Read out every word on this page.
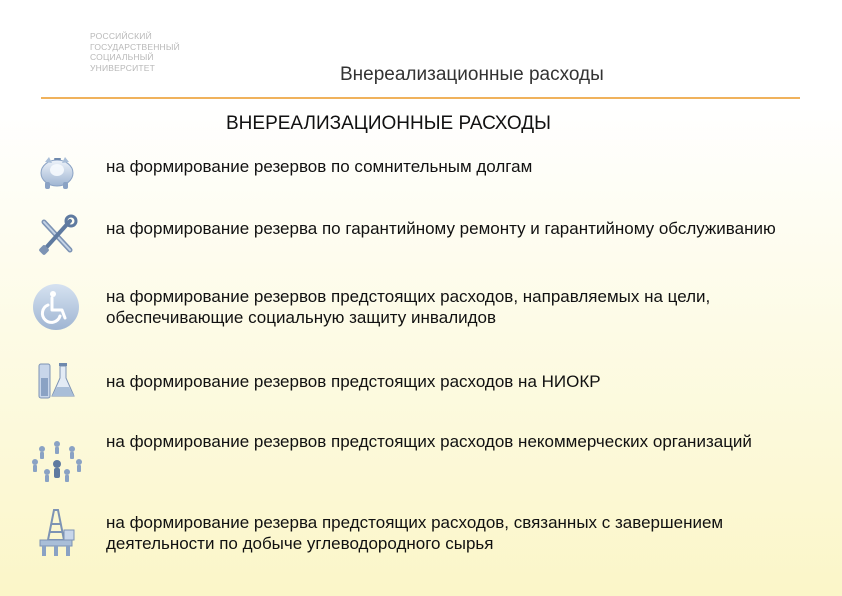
РОССИЙСКИЙ
ГОСУДАРСТВЕННЫЙ
СОЦИАЛЬНЫЙ
УНИВЕРСИТЕТ	Внереализационные расходы
ВНЕРЕАЛИЗАЦИОННЫЕ РАСХОДЫ
на формирование резервов по сомнительным долгам
на формирование резерва по гарантийному ремонту и гарантийному обслуживанию
на формирование резервов предстоящих расходов, направляемых на цели, обеспечивающие социальную защиту инвалидов
на формирование резервов предстоящих расходов на НИОКР
на формирование резервов предстоящих расходов некоммерческих организаций
на формирование резерва предстоящих расходов, связанных с завершением деятельности по добыче углеводородного сырья
